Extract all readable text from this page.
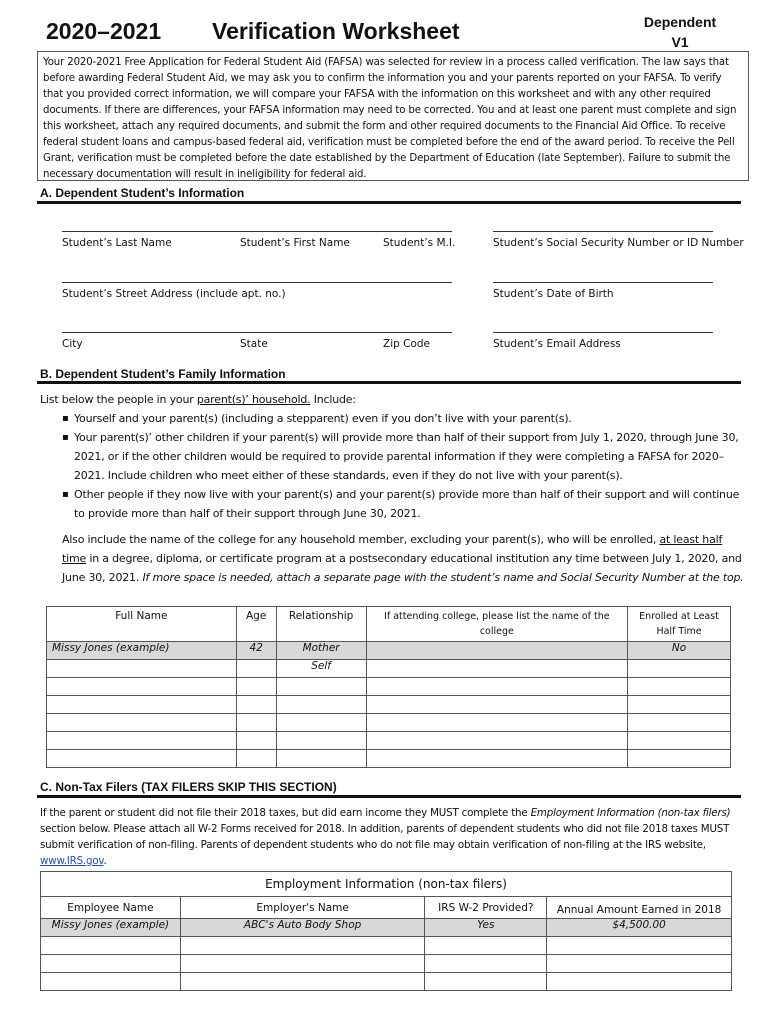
2020–2021 Verification Worksheet	Dependent
V1
Your 2020-2021 Free Application for Federal Student Aid (FAFSA) was selected for review in a process called verification. The law says that before awarding Federal Student Aid, we may ask you to confirm the information you and your parents reported on your FAFSA. To verify that you provided correct information, we will compare your FAFSA with the information on this worksheet and with any other required documents. If there are differences, your FAFSA information may need to be corrected. You and at least one parent must complete and sign this worksheet, attach any required documents, and submit the form and other required documents to the Financial Aid Office. To receive federal student loans and campus-based federal aid, verification must be completed before the end of the award period. To receive the Pell Grant, verification must be completed before the date established by the Department of Education (late September). Failure to submit the necessary documentation will result in ineligibility for federal aid.
A. Dependent Student’s Information
Student’s Last Name	Student’s First Name	Student’s M.I.	Student’s Social Security Number or ID Number
Student’s Street Address (include apt. no.)	Student’s Date of Birth
City	State	Zip Code	Student’s Email Address
B. Dependent Student’s Family Information
List below the people in your parent(s)’ household. Include:
▪ Yourself and your parent(s) (including a stepparent) even if you don’t live with your parent(s).
▪ Your parent(s)’ other children if your parent(s) will provide more than half of their support from July 1, 2020, through June 30, 2021, or if the other children would be required to provide parental information if they were completing a FAFSA for 2020–2021. Include children who meet either of these standards, even if they do not live with your parent(s).
▪ Other people if they now live with your parent(s) and your parent(s) provide more than half of their support and will continue to provide more than half of their support through June 30, 2021.
Also include the name of the college for any household member, excluding your parent(s), who will be enrolled, at least half time in a degree, diploma, or certificate program at a postsecondary educational institution any time between July 1, 2020, and June 30, 2021. If more space is needed, attach a separate page with the student’s name and Social Security Number at the top.
Full Name	Age	Relationship	If attending college, please list the name of the college	Enrolled at Least Half Time
Missy Jones (example)	42	Mother		No
		Self		

C. Non-Tax Filers (TAX FILERS SKIP THIS SECTION)
If the parent or student did not file their 2018 taxes, but did earn income they MUST complete the Employment Information (non-tax filers) section below. Please attach all W-2 Forms received for 2018. In addition, parents of dependent students who did not file 2018 taxes MUST submit verification of non-filing. Parents of dependent students who do not file may obtain verification of non-filing at the IRS website, www.IRS.gov.
Employment Information (non-tax filers)			
Employee Name	Employer's Name	IRS W-2 Provided?	Annual Amount Earned in 2018
Missy Jones (example)	ABC's Auto Body Shop	Yes	$4,500.00
